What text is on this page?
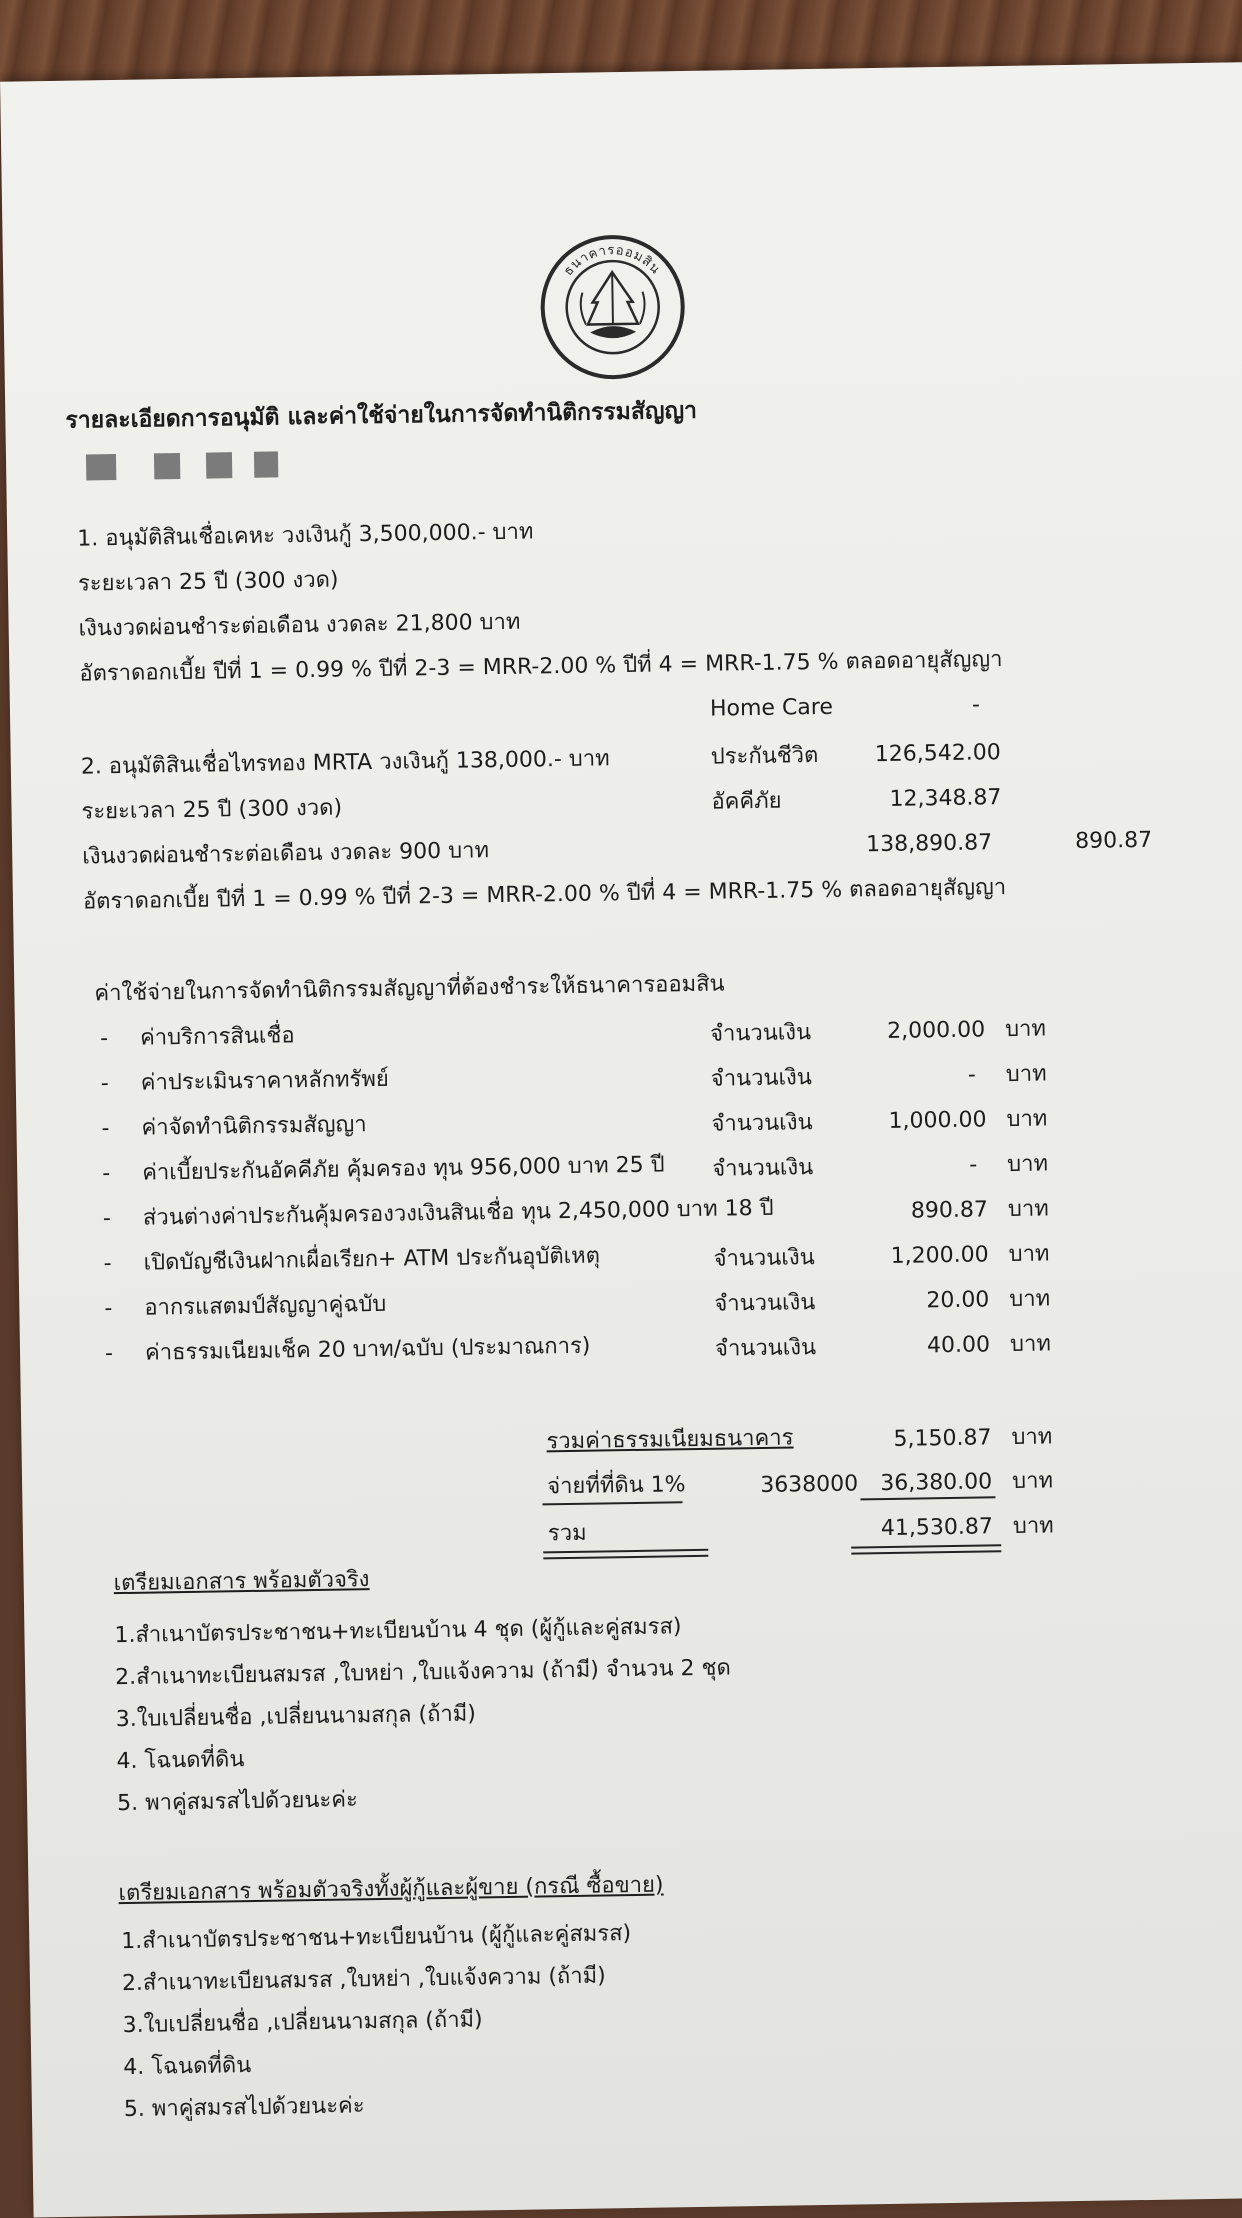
ธนาคารออมสิน
รายละเอียดการอนุมัติ และค่าใช้จ่ายในการจัดทำนิติกรรมสัญญา
1. อนุมัติสินเชื่อเคหะ วงเงินกู้ 3,500,000.- บาท
ระยะเวลา 25 ปี (300 งวด)
เงินงวดผ่อนชำระต่อเดือน งวดละ 21,800 บาท
อัตราดอกเบี้ย ปีที่ 1 = 0.99 % ปีที่ 2-3 = MRR-2.00 % ปีที่ 4 = MRR-1.75 % ตลอดอายุสัญญา
Home Care	-
ประกันชีวิต	126,542.00
อัคคีภัย	12,348.87
138,890.87	890.87
2. อนุมัติสินเชื่อไทรทอง MRTA วงเงินกู้ 138,000.- บาท
ระยะเวลา 25 ปี (300 งวด)
เงินงวดผ่อนชำระต่อเดือน งวดละ 900 บาท
อัตราดอกเบี้ย ปีที่ 1 = 0.99 % ปีที่ 2-3 = MRR-2.00 % ปีที่ 4 = MRR-1.75 % ตลอดอายุสัญญา
ค่าใช้จ่ายในการจัดทำนิติกรรมสัญญาที่ต้องชำระให้ธนาคารออมสิน
- ค่าบริการสินเชื่อ	จำนวนเงิน	2,000.00 บาท
- ค่าประเมินราคาหลักทรัพย์	จำนวนเงิน	- บาท
- ค่าจัดทำนิติกรรมสัญญา	จำนวนเงิน	1,000.00 บาท
- ค่าเบี้ยประกันอัคคีภัย คุ้มครอง ทุน 956,000 บาท 25 ปี จำนวนเงิน	- บาท
- ส่วนต่างค่าประกันคุ้มครองวงเงินสินเชื่อ ทุน 2,450,000 บาท 18 ปี	890.87 บาท
- เปิดบัญชีเงินฝากเผื่อเรียก+ ATM ประกันอุบัติเหตุ	จำนวนเงิน	1,200.00 บาท
- อากรแสตมป์สัญญาคู่ฉบับ	จำนวนเงิน	20.00 บาท
- ค่าธรรมเนียมเช็ค 20 บาท/ฉบับ (ประมาณการ)	จำนวนเงิน	40.00 บาท
รวมค่าธรรมเนียมธนาคาร	5,150.87 บาท
จ่ายที่ที่ดิน 1%	3638000 36,380.00 บาท
รวม	41,530.87 บาท
เตรียมเอกสาร พร้อมตัวจริง
1.สำเนาบัตรประชาชน+ทะเบียนบ้าน 4 ชุด (ผู้กู้และคู่สมรส)
2.สำเนาทะเบียนสมรส ,ใบหย่า ,ใบแจ้งความ (ถ้ามี) จำนวน 2 ชุด
3.ใบเปลี่ยนชื่อ ,เปลี่ยนนามสกุล (ถ้ามี)
4. โฉนดที่ดิน
5. พาคู่สมรสไปด้วยนะค่ะ
เตรียมเอกสาร พร้อมตัวจริงทั้งผู้กู้และผู้ขาย (กรณี ซื้อขาย)
1.สำเนาบัตรประชาชน+ทะเบียนบ้าน (ผู้กู้และคู่สมรส)
2.สำเนาทะเบียนสมรส ,ใบหย่า ,ใบแจ้งความ (ถ้ามี)
3.ใบเปลี่ยนชื่อ ,เปลี่ยนนามสกุล (ถ้ามี)
4. โฉนดที่ดิน
5. พาคู่สมรสไปด้วยนะค่ะ
